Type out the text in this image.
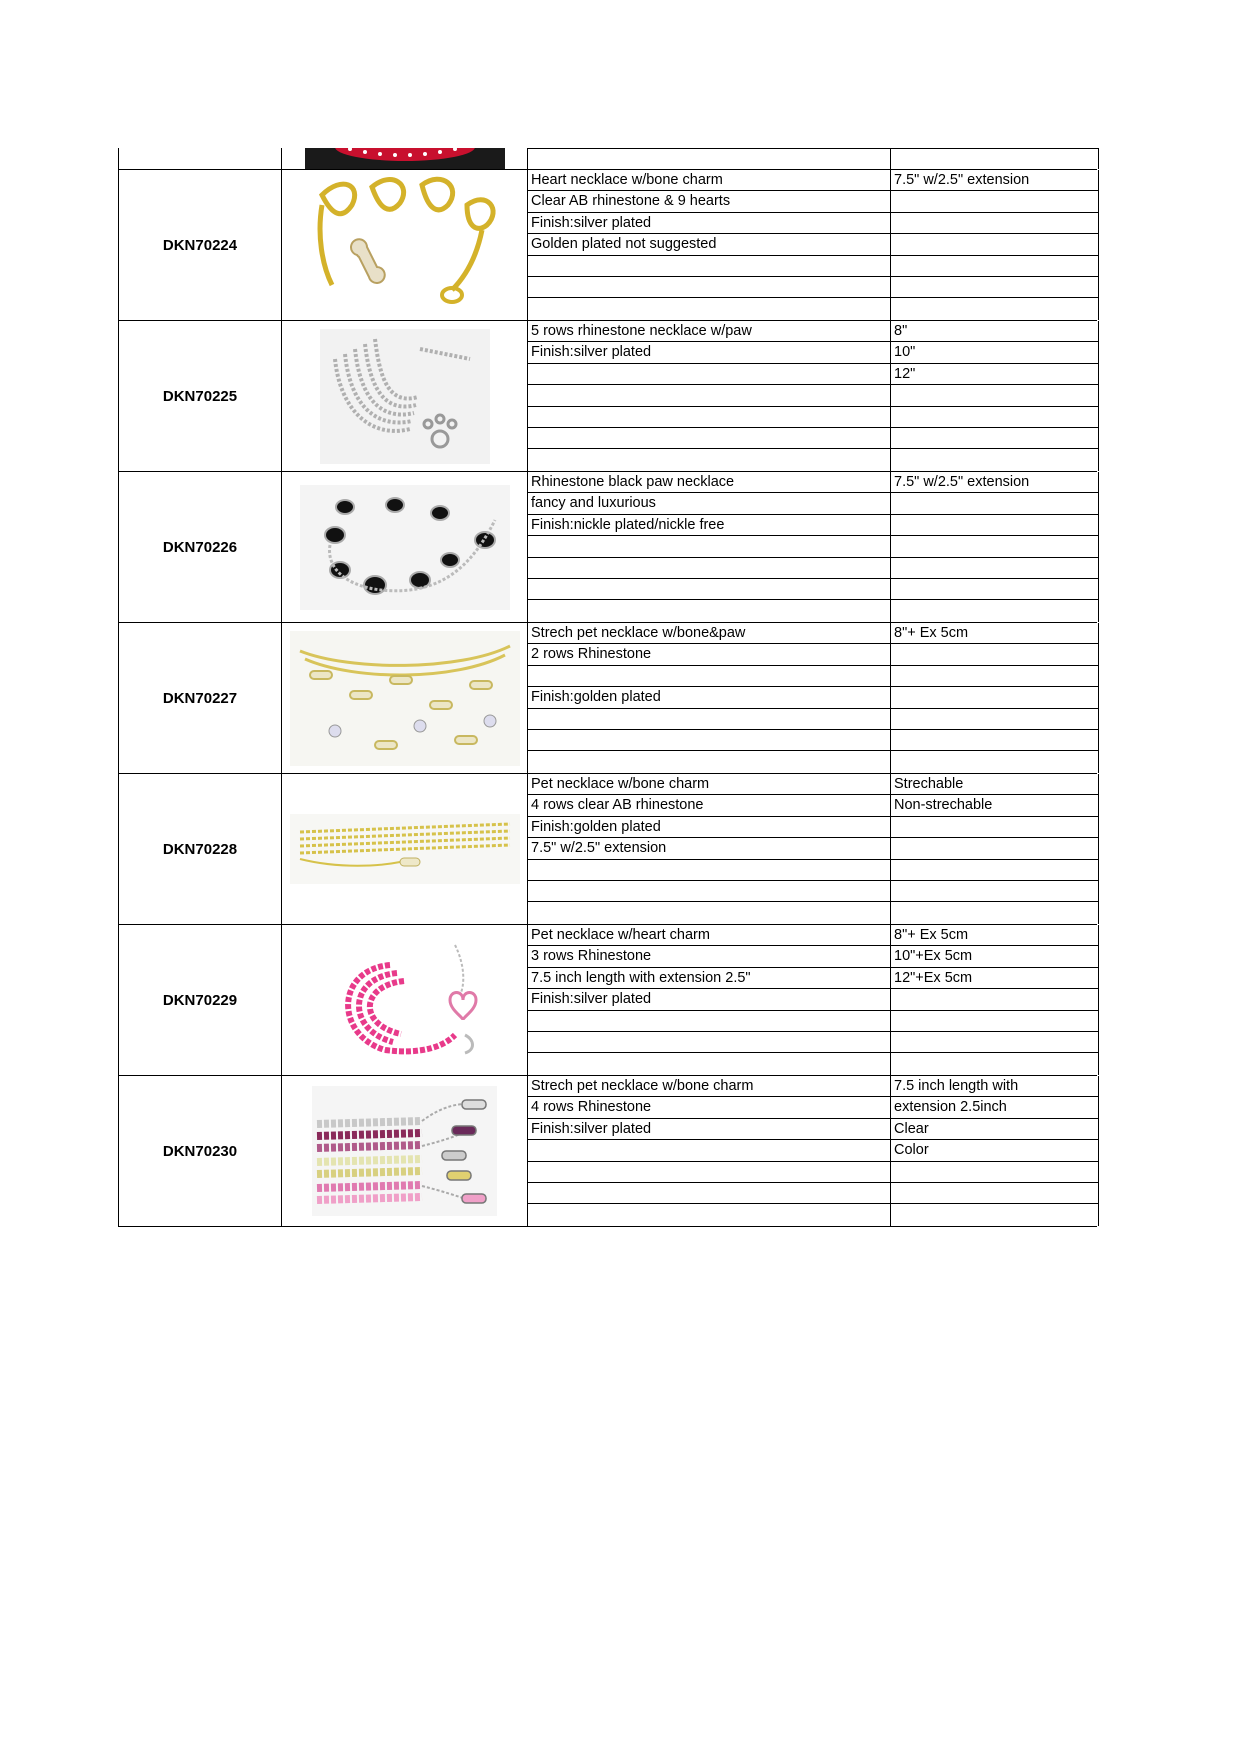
DKN70224
Heart necklace w/bone charm
Clear AB rhinestone & 9 hearts
Finish:silver plated
Golden plated not suggested
7.5" w/2.5" extension
DKN70225
5 rows rhinestone necklace w/paw
Finish:silver plated
8"
10"
12"
DKN70226
Rhinestone black paw necklace
fancy and luxurious
Finish:nickle plated/nickle free
7.5" w/2.5" extension
DKN70227
Strech pet necklace w/bone&paw
2 rows Rhinestone
Finish:golden plated
8"+ Ex 5cm
DKN70228
Pet necklace w/bone charm
4 rows clear AB rhinestone
Finish:golden plated
7.5" w/2.5" extension
Strechable
Non-strechable
DKN70229
Pet necklace w/heart charm
3 rows Rhinestone
7.5 inch length with extension 2.5"
Finish:silver plated
8"+ Ex 5cm
10"+Ex 5cm
12"+Ex 5cm
DKN70230
Strech pet necklace w/bone charm
4 rows Rhinestone
Finish:silver plated
7.5 inch length with
extension 2.5inch
Clear
Color
